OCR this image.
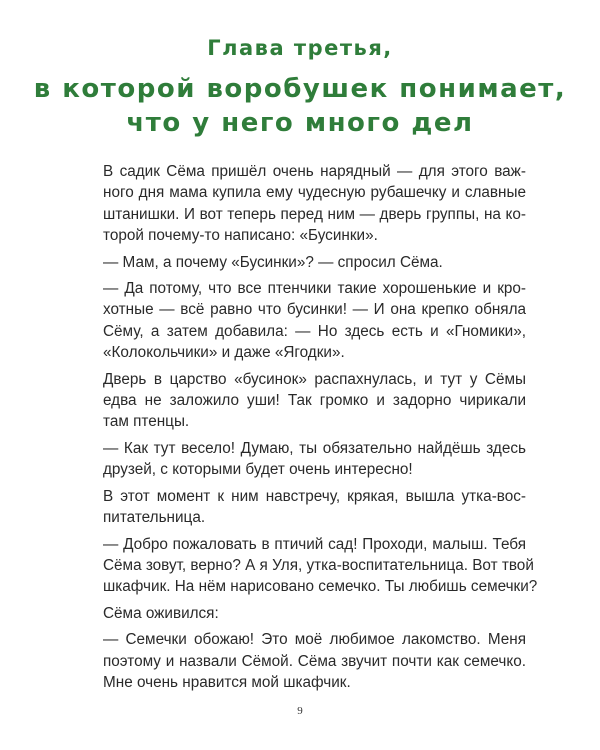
Глава третья,
в которой воробушек понимает,
что у него много дел
В садик Сёма пришёл очень нарядный — для этого важ-
ного дня мама купила ему чудесную рубашечку и славные
штанишки. И вот теперь перед ним — дверь группы, на ко-
торой почему-то написано: «Бусинки».
— Мам, а почему «Бусинки»? — спросил Сёма.
— Да потому, что все птенчики такие хорошенькие и кро-
хотные — всё равно что бусинки! — И она крепко обняла
Сёму, а затем добавила: — Но здесь есть и «Гномики»,
«Колокольчики» и даже «Ягодки».
Дверь в царство «бусинок» распахнулась, и тут у Сёмы
едва не заложило уши! Так громко и задорно чирикали
там птенцы.
— Как тут весело! Думаю, ты обязательно найдёшь здесь
друзей, с которыми будет очень интересно!
В этот момент к ним навстречу, крякая, вышла утка-вос-
питательница.
— Добро пожаловать в птичий сад! Проходи, малыш. Тебя
Сёма зовут, верно? А я Уля, утка-воспитательница. Вот твой
шкафчик. На нём нарисовано семечко. Ты любишь семечки?
Сёма оживился:
— Семечки обожаю! Это моё любимое лакомство. Меня
поэтому и назвали Сёмой. Сёма звучит почти как семечко.
Мне очень нравится мой шкафчик.
9
